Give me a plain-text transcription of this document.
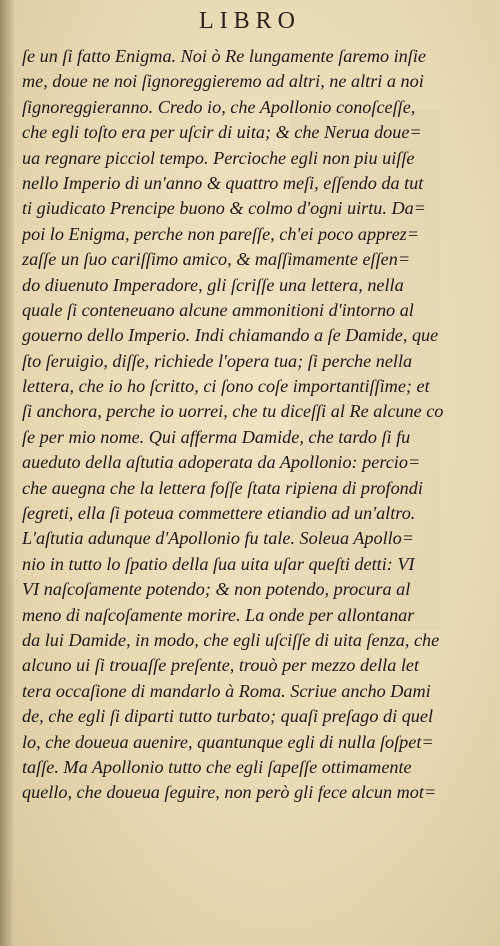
LIBRO
ſe un ſi fatto Enigma. Noi ò Re lungamente ſaremo inſie
me, doue ne noi ſignoreggieremo ad altri, ne altri a noi
ſignoreggieranno. Credo io, che Apollonio conoſceſſe,
che egli toſto era per uſcir di uita; & che Nerua doue=
ua regnare picciol tempo. Percioche egli non piu uiſſe
nello Imperio di un'anno & quattro meſi, eſſendo da tut
ti giudicato Prencipe buono & colmo d'ogni uirtu. Da=
poi lo Enigma, perche non pareſſe, ch'ei poco apprez=
zaſſe un ſuo cariſſimo amico, & maſſimamente eſſen=
do diuenuto Imperadore, gli ſcriſſe una lettera, nella
quale ſi conteneuano alcune ammonitioni d'intorno al
gouerno dello Imperio. Indi chiamando a ſe Damide, que
ſto ſeruigio, diſſe, richiede l'opera tua; ſi perche nella
lettera, che io ho ſcritto, ci ſono coſe importantiſſime; et
ſi anchora, perche io uorrei, che tu diceſſi al Re alcune co
ſe per mio nome. Qui afferma Damide, che tardo ſi fu
aueduto della aſtutia adoperata da Apollonio: percio=
che auegna che la lettera foſſe ſtata ripiena di profondi
ſegreti, ella ſi poteua commettere etiandio ad un'altro.
L'aſtutia adunque d'Apollonio fu tale. Soleua Apollo=
nio in tutto lo ſpatio della ſua uita uſar queſti detti: VI
VI naſcoſamente potendo; & non potendo, procura al
meno di naſcoſamente morire. La onde per allontanar
da lui Damide, in modo, che egli uſciſſe di uita ſenza, che
alcuno ui ſi trouaſſe preſente, trouò per mezzo della let
tera occaſione di mandarlo à Roma. Scriue ancho Dami
de, che egli ſi diparti tutto turbato; quaſi preſago di quel
lo, che doueua auenire, quantunque egli di nulla ſoſpet=
taſſe. Ma Apollonio tutto che egli ſapeſſe ottimamente
quello, che doueua ſeguire, non però gli fece alcun mot=
